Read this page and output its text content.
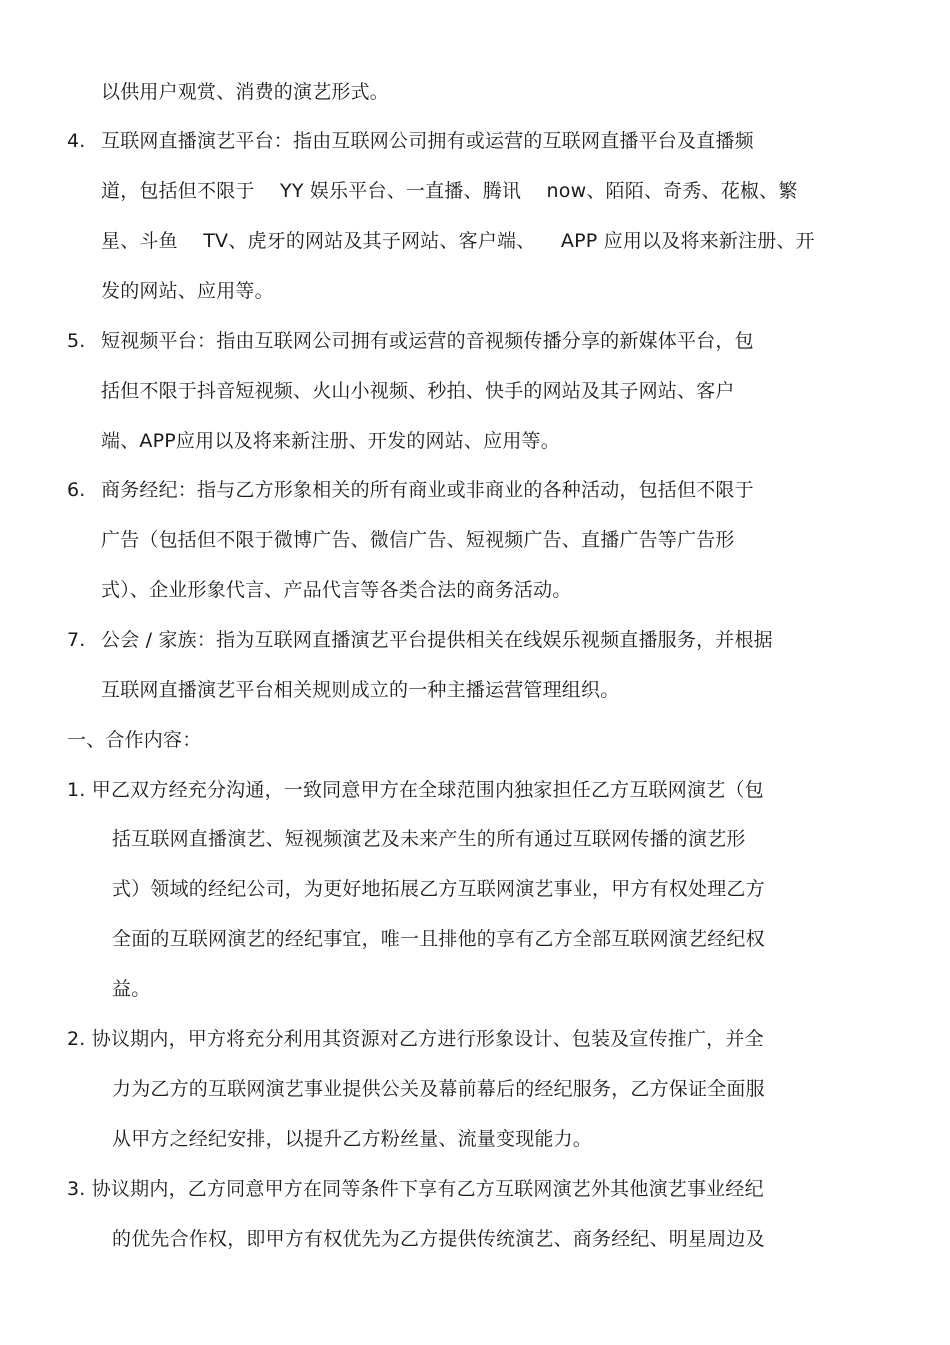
以供用户观赏、消费的演艺形式。
4. 互联网直播演艺平台：指由互联网公司拥有或运营的互联网直播平台及直播频
道，包括但不限于 　YY 娱乐平台、一直播、腾讯 　now、陌陌、奇秀、花椒、繁
星、斗鱼 　TV、虎牙的网站及其子网站、客户端、 　APP 应用以及将来新注册、开
发的网站、应用等。
5. 短视频平台：指由互联网公司拥有或运营的音视频传播分享的新媒体平台，包
括但不限于抖音短视频、火山小视频、秒拍、快手的网站及其子网站、客户
端、APP应用以及将来新注册、开发的网站、应用等。
6. 商务经纪：指与乙方形象相关的所有商业或非商业的各种活动，包括但不限于
广告（包括但不限于微博广告、微信广告、短视频广告、直播广告等广告形
式）、企业形象代言、产品代言等各类合法的商务活动。
7. 公会 / 家族：指为互联网直播演艺平台提供相关在线娱乐视频直播服务，并根据
互联网直播演艺平台相关规则成立的一种主播运营管理组织。
一、合作内容：
1. 甲乙双方经充分沟通，一致同意甲方在全球范围内独家担任乙方互联网演艺（包
括互联网直播演艺、短视频演艺及未来产生的所有通过互联网传播的演艺形
式）领域的经纪公司，为更好地拓展乙方互联网演艺事业，甲方有权处理乙方
全面的互联网演艺的经纪事宜，唯一且排他的享有乙方全部互联网演艺经纪权
益。
2. 协议期内，甲方将充分利用其资源对乙方进行形象设计、包装及宣传推广，并全
力为乙方的互联网演艺事业提供公关及幕前幕后的经纪服务，乙方保证全面服
从甲方之经纪安排，以提升乙方粉丝量、流量变现能力。
3. 协议期内，乙方同意甲方在同等条件下享有乙方互联网演艺外其他演艺事业经纪
的优先合作权，即甲方有权优先为乙方提供传统演艺、商务经纪、明星周边及
